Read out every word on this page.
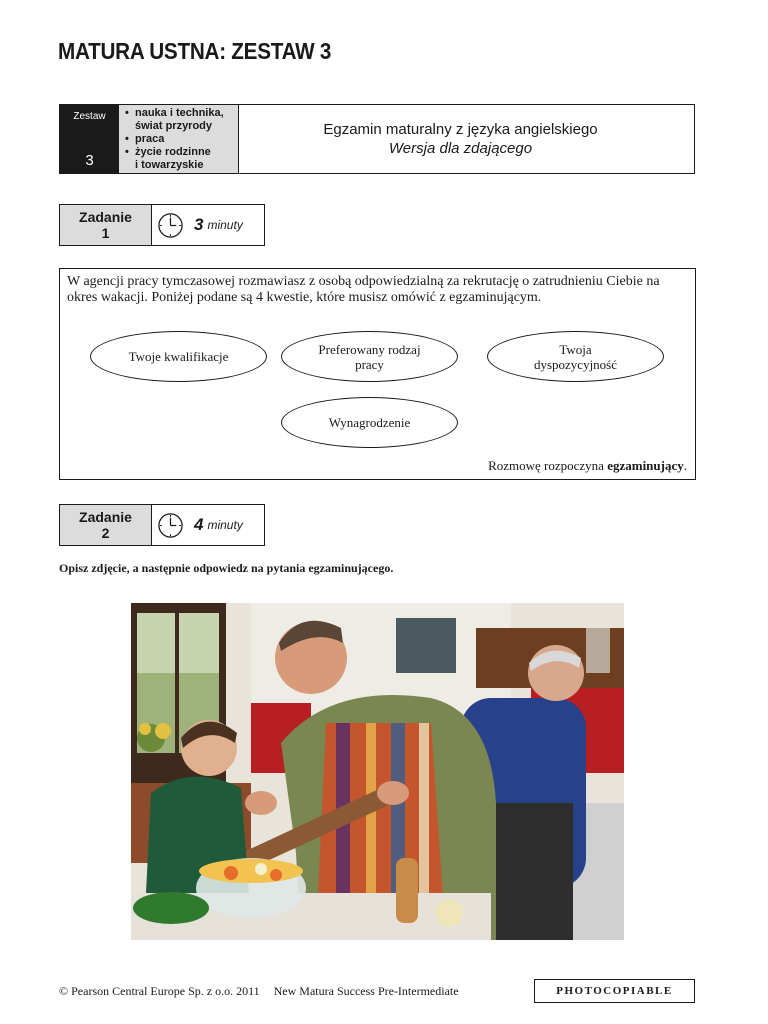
MATURA USTNA: ZESTAW 3
Zestaw
3
• nauka i technika,
świat przyrody
• praca
• życie rodzinne
i towarzyskie
Egzamin maturalny z języka angielskiego
Wersja dla zdającego
Zadanie
1	3 minuty
W agencji pracy tymczasowej rozmawiasz z osobą odpowiedzialną za rekrutację o zatrudnieniu Ciebie na okres wakacji. Poniżej podane są 4 kwestie, które musisz omówić z egzaminującym.
Twoje kwalifikacje	Preferowany rodzaj pracy
Twoja dyspozycyjność
Wynagrodzenie
Rozmowę rozpoczyna egzaminujący.
Zadanie
2	4 minuty
Opisz zdjęcie, a następnie odpowiedz na pytania egzaminującego.
© Pearson Central Europe Sp. z o.o. 2011 New Matura Success Pre-Intermediate	PHOTOCOPIABLE
